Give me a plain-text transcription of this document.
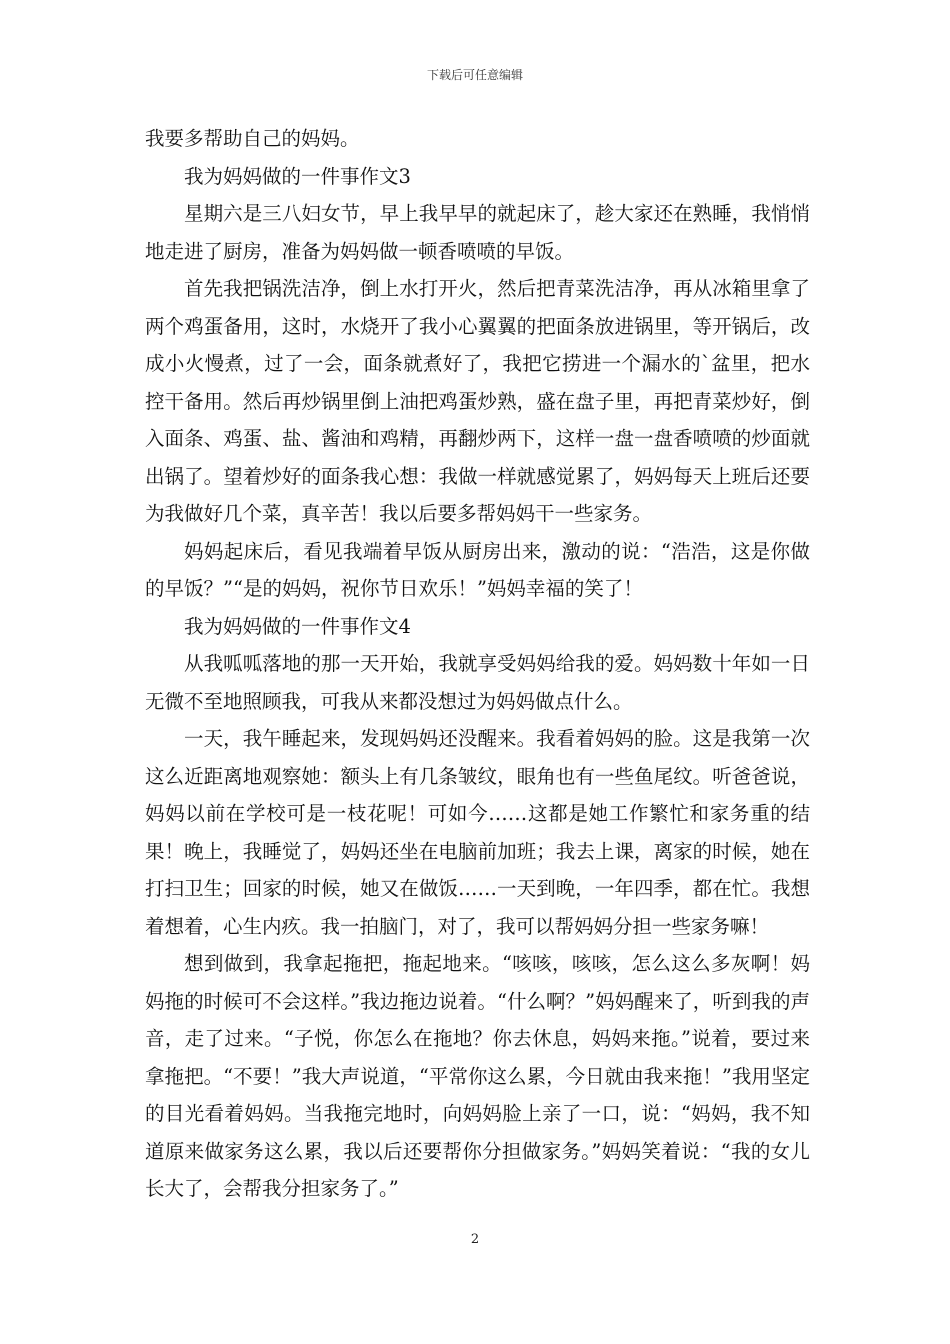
下载后可任意编辑

我要多帮助自己的妈妈。

我为妈妈做的一件事作文3

星期六是三八妇女节，早上我早早的就起床了，趁大家还在熟睡，我悄悄地走进了厨房，准备为妈妈做一顿香喷喷的早饭。

首先我把锅洗洁净，倒上水打开火，然后把青菜洗洁净，再从冰箱里拿了两个鸡蛋备用，这时，水烧开了我小心翼翼的把面条放进锅里，等开锅后，改成小火慢煮，过了一会，面条就煮好了，我把它捞进一个漏水的`盆里，把水控干备用。然后再炒锅里倒上油把鸡蛋炒熟，盛在盘子里，再把青菜炒好，倒入面条、鸡蛋、盐、酱油和鸡精，再翻炒两下，这样一盘一盘香喷喷的炒面就出锅了。望着炒好的面条我心想：我做一样就感觉累了，妈妈每天上班后还要为我做好几个菜，真辛苦！我以后要多帮妈妈干一些家务。

妈妈起床后，看见我端着早饭从厨房出来，激动的说：“浩浩，这是你做的早饭？”“是的妈妈，祝你节日欢乐！”妈妈幸福的笑了！

我为妈妈做的一件事作文4

从我呱呱落地的那一天开始，我就享受妈妈给我的爱。妈妈数十年如一日无微不至地照顾我，可我从来都没想过为妈妈做点什么。

一天，我午睡起来，发现妈妈还没醒来。我看着妈妈的脸。这是我第一次这么近距离地观察她：额头上有几条皱纹，眼角也有一些鱼尾纹。听爸爸说，妈妈以前在学校可是一枝花呢！可如今……这都是她工作繁忙和家务重的结果！晚上，我睡觉了，妈妈还坐在电脑前加班；我去上课，离家的时候，她在打扫卫生；回家的时候，她又在做饭……一天到晚，一年四季，都在忙。我想着想着，心生内疚。我一拍脑门，对了，我可以帮妈妈分担一些家务嘛！

想到做到，我拿起拖把，拖起地来。“咳咳，咳咳，怎么这么多灰啊！妈妈拖的时候可不会这样。”我边拖边说着。“什么啊？”妈妈醒来了，听到我的声音，走了过来。“子悦，你怎么在拖地？你去休息，妈妈来拖。”说着，要过来拿拖把。“不要！”我大声说道，“平常你这么累，今日就由我来拖！”我用坚定的目光看着妈妈。当我拖完地时，向妈妈脸上亲了一口，说：“妈妈，我不知道原来做家务这么累，我以后还要帮你分担做家务。”妈妈笑着说：“我的女儿长大了，会帮我分担家务了。”

2
